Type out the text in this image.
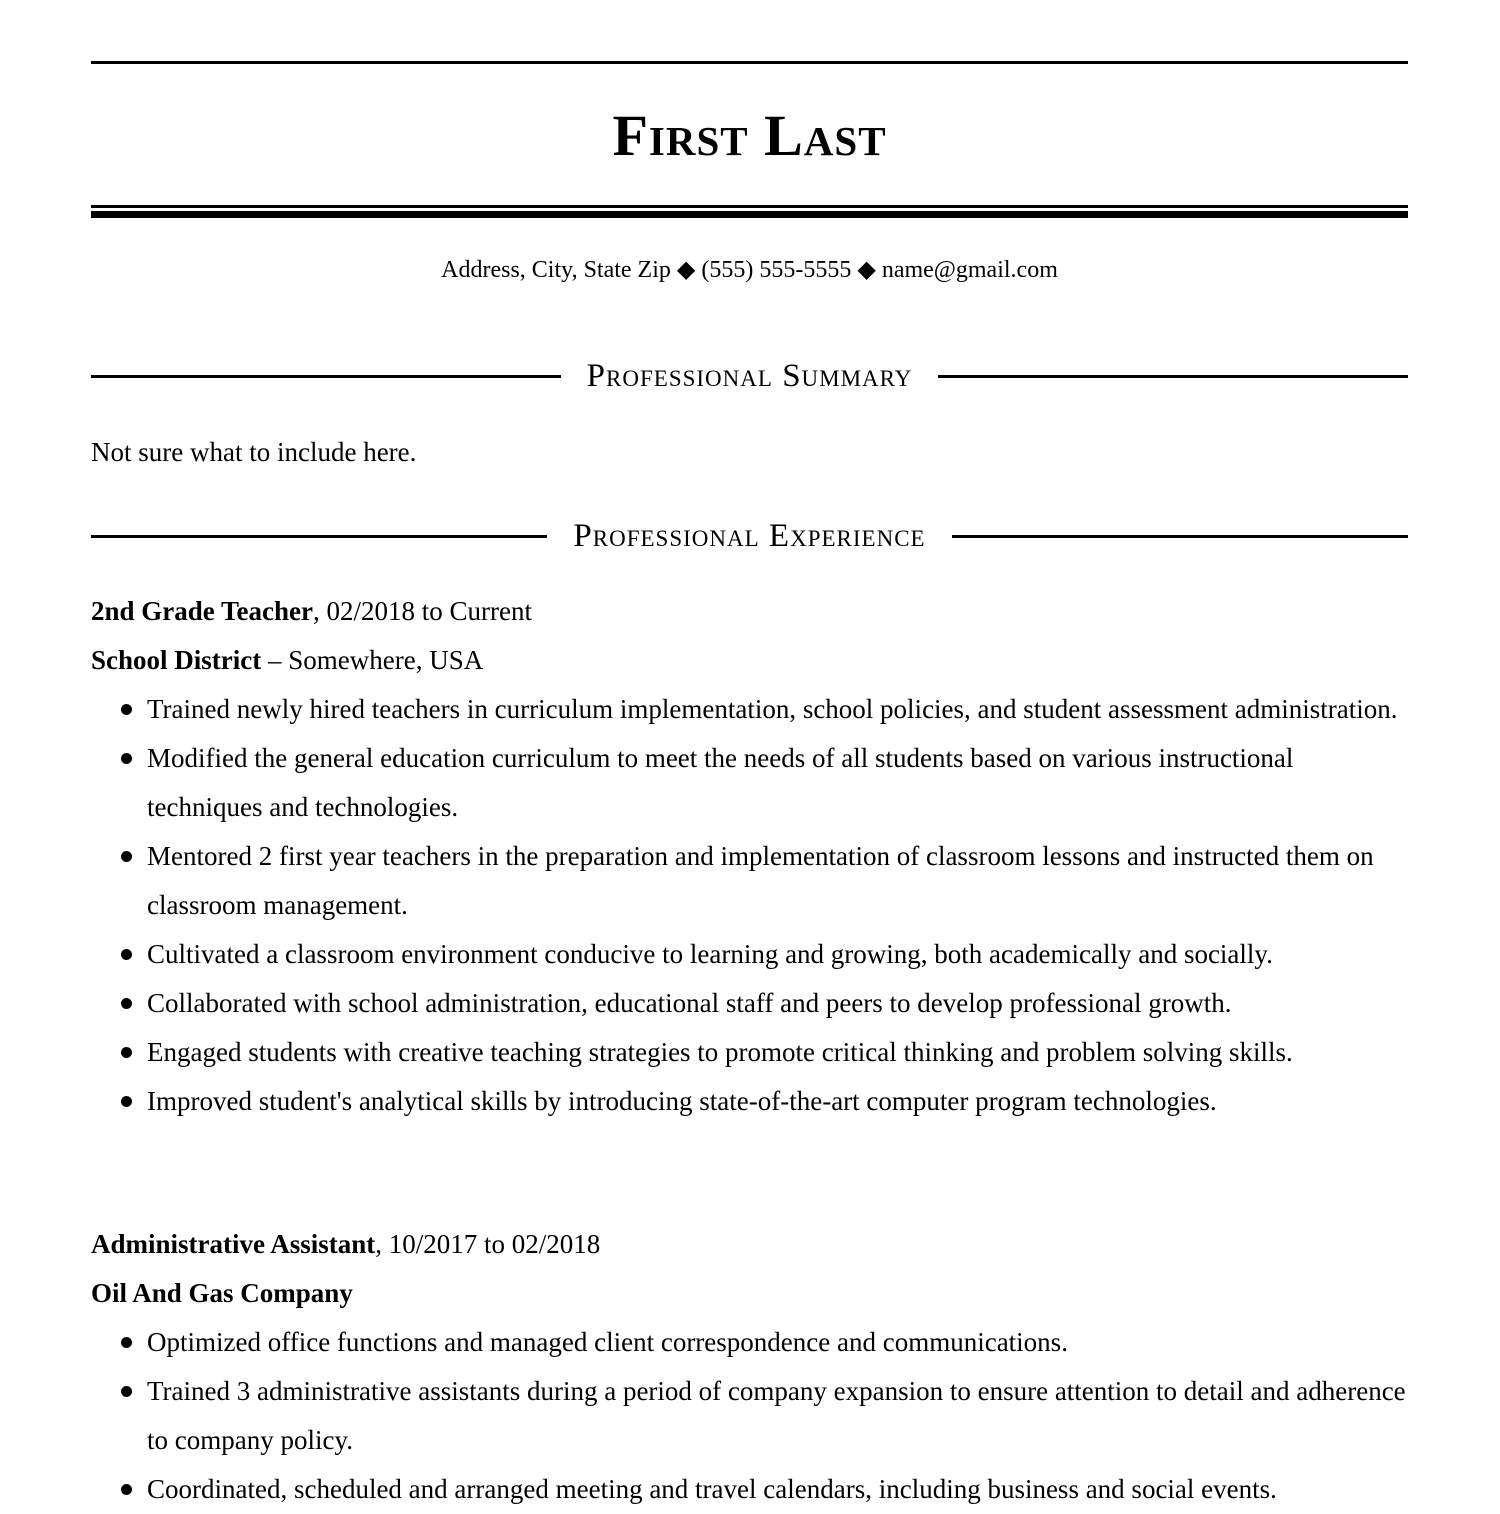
First Last
Address, City, State Zip ◆ (555) 555-5555 ◆ name@gmail.com
Professional Summary
Not sure what to include here.
Professional Experience
2nd Grade Teacher, 02/2018 to Current
School District – Somewhere, USA
Trained newly hired teachers in curriculum implementation, school policies, and student assessment administration.
Modified the general education curriculum to meet the needs of all students based on various instructional techniques and technologies.
Mentored 2 first year teachers in the preparation and implementation of classroom lessons and instructed them on classroom management.
Cultivated a classroom environment conducive to learning and growing, both academically and socially.
Collaborated with school administration, educational staff and peers to develop professional growth.
Engaged students with creative teaching strategies to promote critical thinking and problem solving skills.
Improved student's analytical skills by introducing state-of-the-art computer program technologies.
Administrative Assistant, 10/2017 to 02/2018
Oil And Gas Company
Optimized office functions and managed client correspondence and communications.
Trained 3 administrative assistants during a period of company expansion to ensure attention to detail and adherence to company policy.
Coordinated, scheduled and arranged meeting and travel calendars, including business and social events.
